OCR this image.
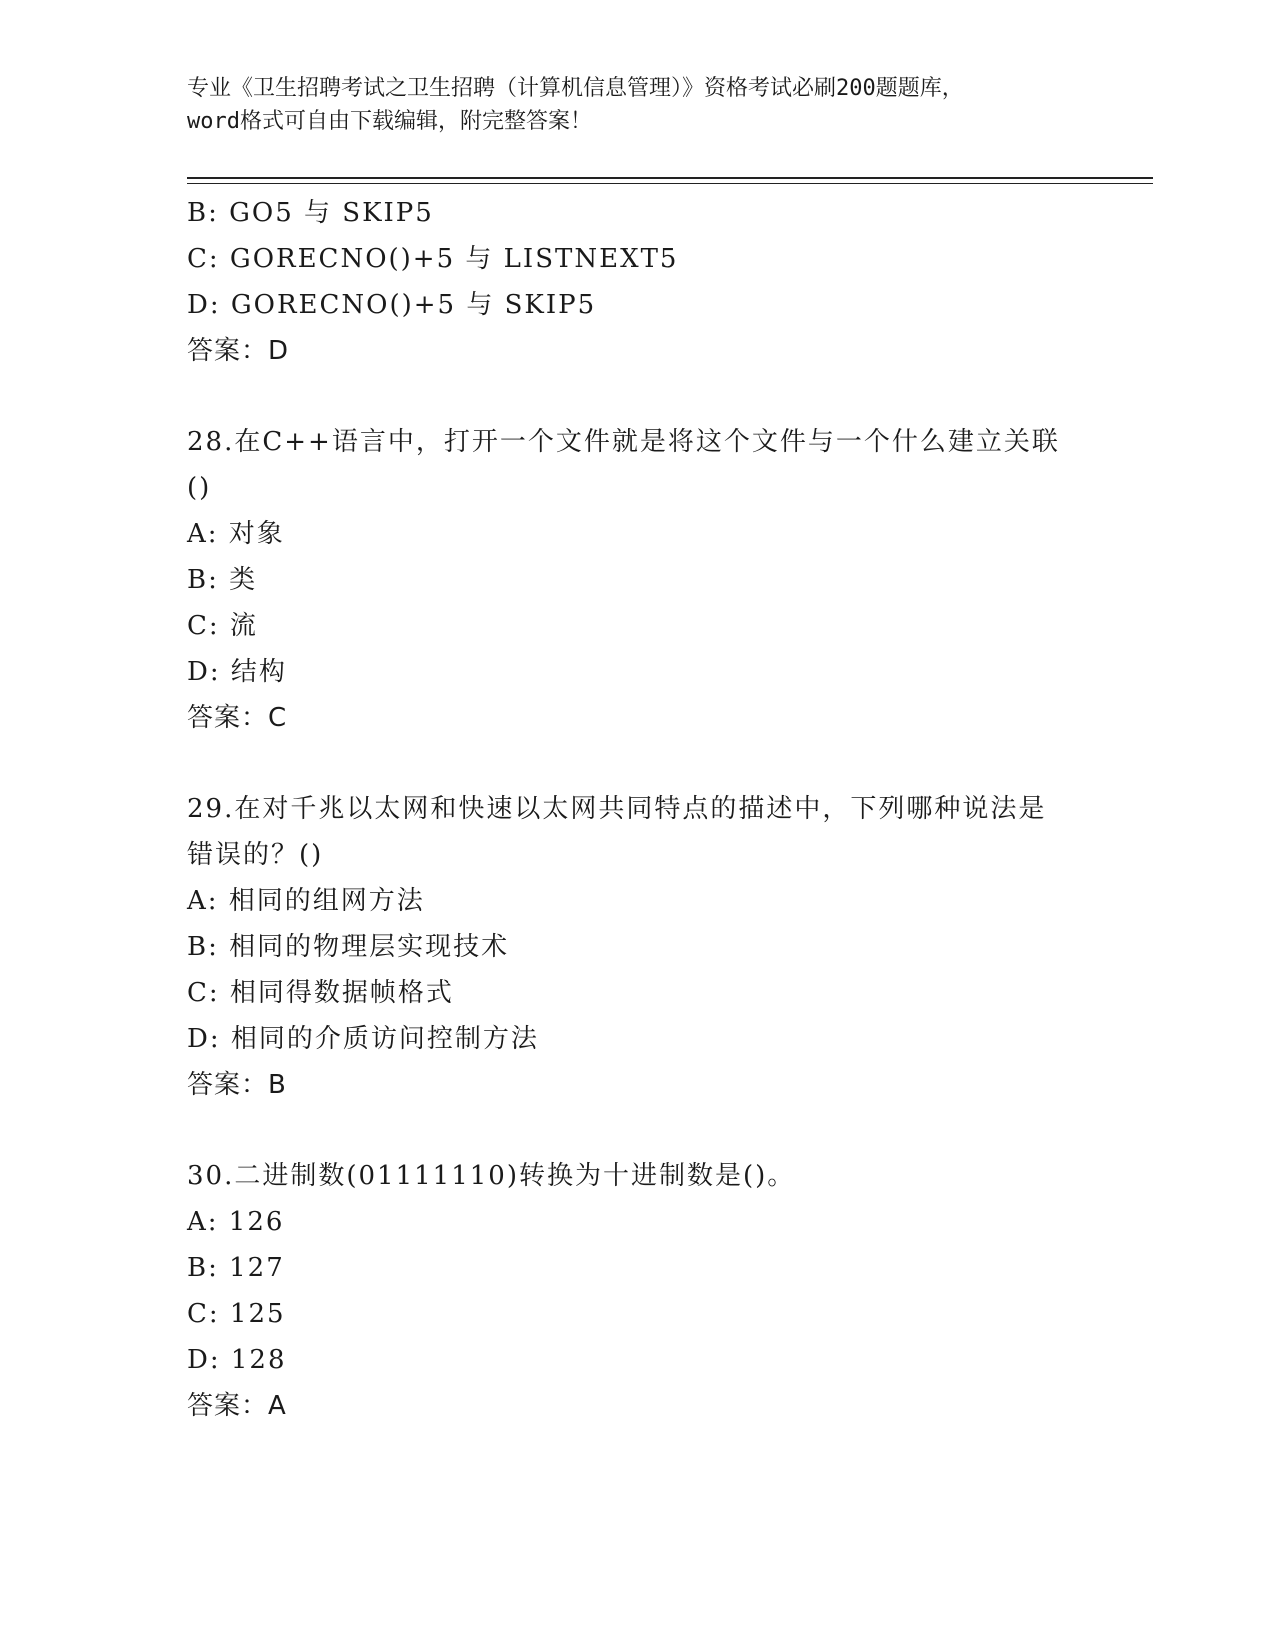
专业《卫生招聘考试之卫生招聘（计算机信息管理）》资格考试必刷200题题库，
word格式可自由下载编辑，附完整答案！
B: GO5 与 SKIP5
C: GORECNO()+5 与 LISTNEXT5
D: GORECNO()+5 与 SKIP5
答案：D
28.在C++语言中，打开一个文件就是将这个文件与一个什么建立关联
()
A: 对象
B: 类
C: 流
D: 结构
答案：C
29.在对千兆以太网和快速以太网共同特点的描述中，下列哪种说法是
错误的？()
A: 相同的组网方法
B: 相同的物理层实现技术
C: 相同得数据帧格式
D: 相同的介质访问控制方法
答案：B
30.二进制数(01111110)转换为十进制数是()。
A: 126
B: 127
C: 125
D: 128
答案：A
